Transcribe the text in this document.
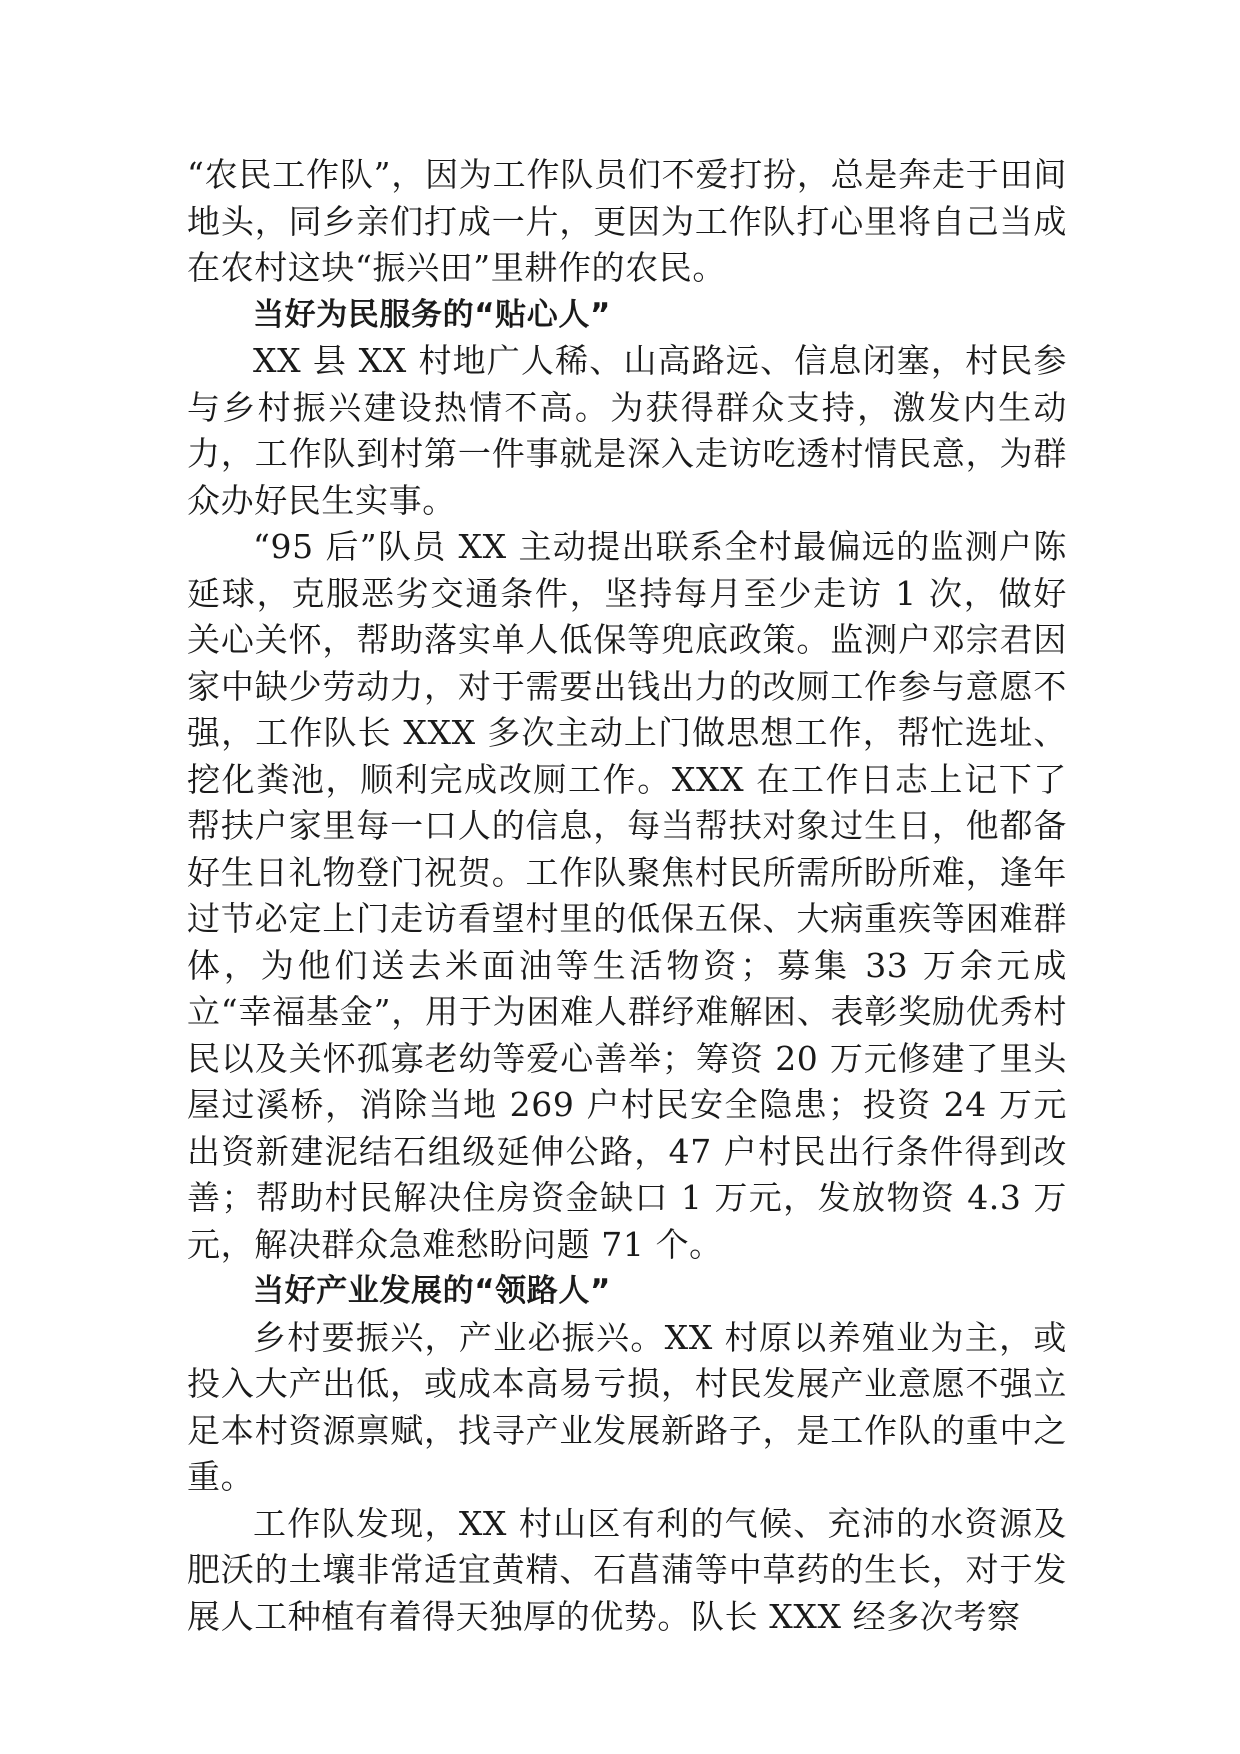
“农民工作队”，因为工作队员们不爱打扮，总是奔走于田间地头，同乡亲们打成一片，更因为工作队打心里将自己当成在农村这块“振兴田”里耕作的农民。

当好为民服务的“贴心人”

XX 县 XX 村地广人稀、山高路远、信息闭塞，村民参与乡村振兴建设热情不高。为获得群众支持，激发内生动力，工作队到村第一件事就是深入走访吃透村情民意，为群众办好民生实事。

“95 后”队员 XX 主动提出联系全村最偏远的监测户陈延球，克服恶劣交通条件，坚持每月至少走访 1 次，做好关心关怀，帮助落实单人低保等兜底政策。监测户邓宗君因家中缺少劳动力，对于需要出钱出力的改厕工作参与意愿不强，工作队长 XXX 多次主动上门做思想工作，帮忙选址、挖化粪池，顺利完成改厕工作。XXX 在工作日志上记下了帮扶户家里每一口人的信息，每当帮扶对象过生日，他都备好生日礼物登门祝贺。工作队聚焦村民所需所盼所难，逢年过节必定上门走访看望村里的低保五保、大病重疾等困难群体，为他们送去米面油等生活物资；募集 33 万余元成立“幸福基金”，用于为困难人群纾难解困、表彰奖励优秀村民以及关怀孤寡老幼等爱心善举；筹资 20 万元修建了里头屋过溪桥，消除当地 269 户村民安全隐患；投资 24 万元出资新建泥结石组级延伸公路，47 户村民出行条件得到改善；帮助村民解决住房资金缺口 1 万元，发放物资 4.3 万元，解决群众急难愁盼问题 71 个。

当好产业发展的“领路人”

乡村要振兴，产业必振兴。XX 村原以养殖业为主，或投入大产出低，或成本高易亏损，村民发展产业意愿不强立足本村资源禀赋，找寻产业发展新路子，是工作队的重中之重。

工作队发现，XX 村山区有利的气候、充沛的水资源及肥沃的土壤非常适宜黄精、石菖蒲等中草药的生长，对于发展人工种植有着得天独厚的优势。队长 XXX 经多次考察
